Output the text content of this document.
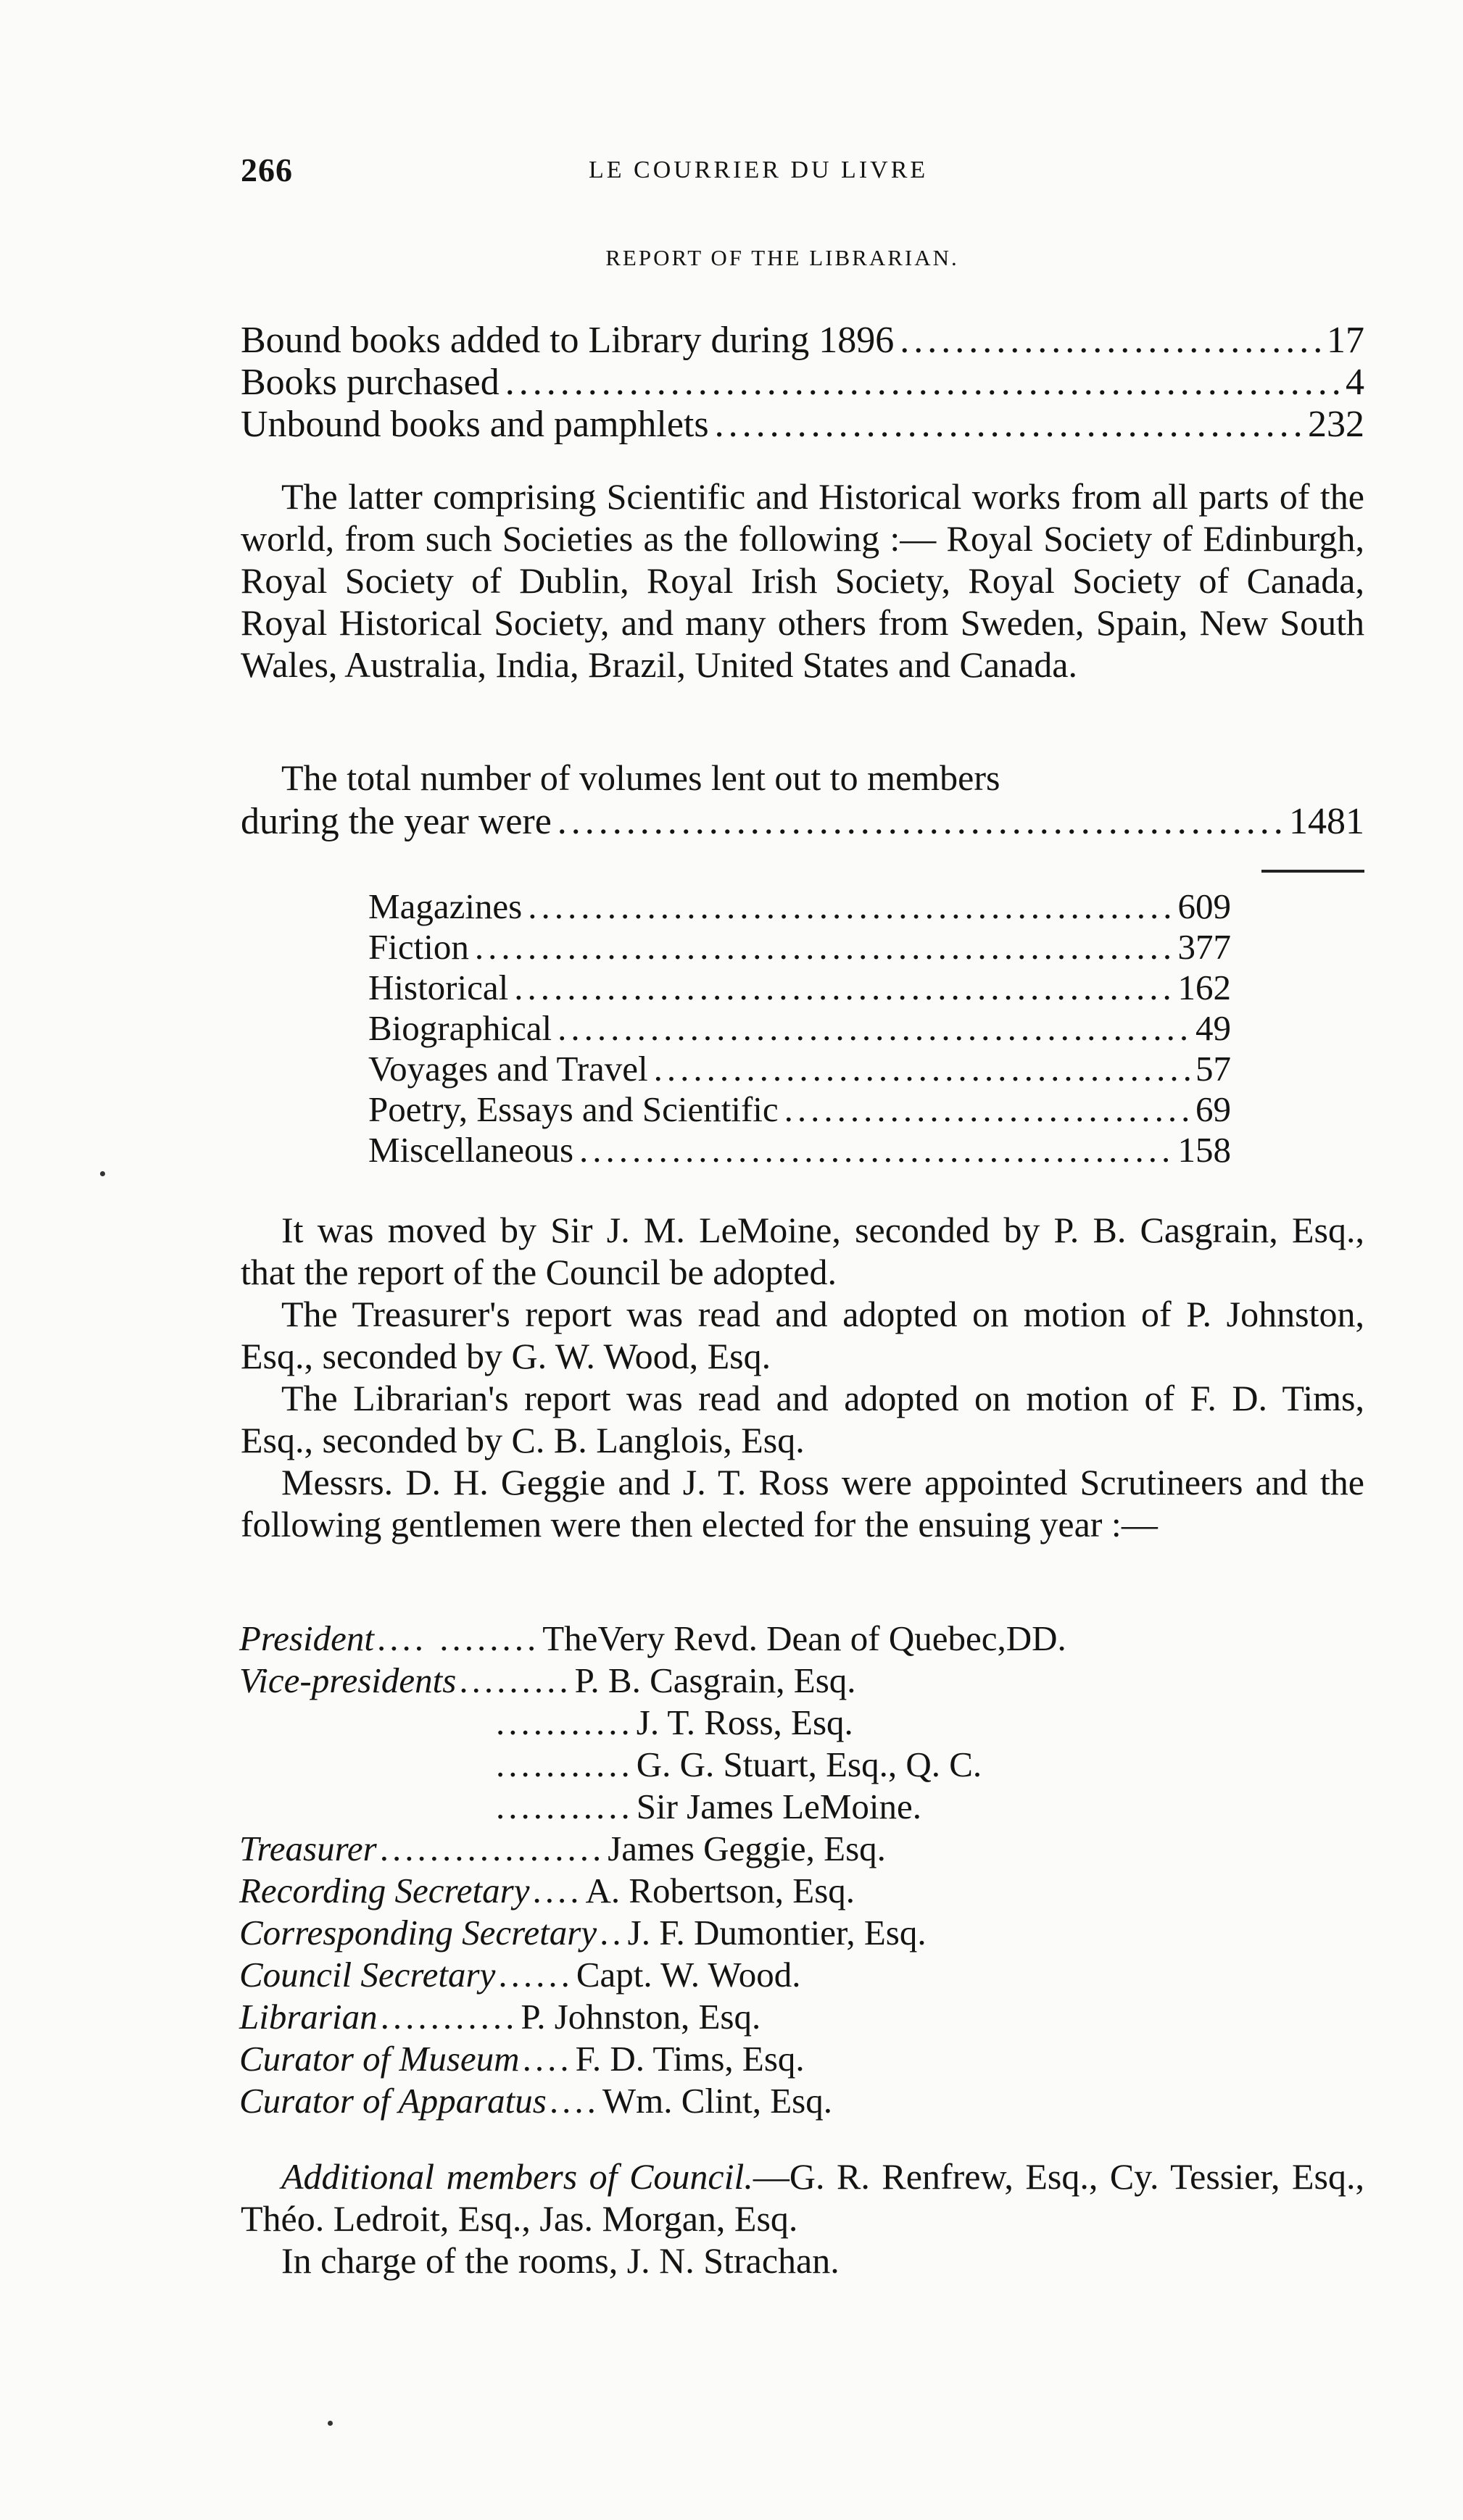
266	LE COURRIER DU LIVRE
REPORT OF THE LIBRARIAN.
Bound books added to Library during 1896 .....	17
Books purchased .....	4
Unbound books and pamphlets .....	232
The latter comprising Scientific and Historical works from all parts of the world, from such Societies as the following :— Royal Society of Edinburgh, Royal Society of Dublin, Royal Irish Society, Royal Society of Canada, Royal Historical Society, and many others from Sweden, Spain, New South Wales, Australia, India, Brazil, United States and Canada.
The total number of volumes lent out to members
during the year were .....	1481
Magazines .....	609
Fiction .....	377
Historical .....	162
Biographical .....	49
Voyages and Travel .....	57
Poetry, Essays and Scientific .....	69
Miscellaneous .....	158
It was moved by Sir J. M. LeMoine, seconded by P. B. Casgrain, Esq., that the report of the Council be adopted.
The Treasurer's report was read and adopted on motion of P. Johnston, Esq., seconded by G. W. Wood, Esq.
The Librarian's report was read and adopted on motion of F. D. Tims, Esq., seconded by C. B. Langlois, Esq.
Messrs. D. H. Geggie and J. T. Ross were appointed Scrutineers and the following gentlemen were then elected for the ensuing year :—
President .... ........ TheVery Revd. Dean of Quebec,DD.
Vice-presidents ......... P. B. Casgrain, Esq.
........... J. T. Ross, Esq.
........... G. G. Stuart, Esq., Q. C.
........... Sir James LeMoine.
Treasurer .................. James Geggie, Esq.
Recording Secretary .... A. Robertson, Esq.
Corresponding Secretary .. J. F. Dumontier, Esq.
Council Secretary ...... Capt. W. Wood.
Librarian ........... P. Johnston, Esq.
Curator of Museum .... F. D. Tims, Esq.
Curator of Apparatus .... Wm. Clint, Esq.
Additional members of Council.—G. R. Renfrew, Esq., Cy. Tessier, Esq., Théo. Ledroit, Esq., Jas. Morgan, Esq.
In charge of the rooms, J. N. Strachan.
